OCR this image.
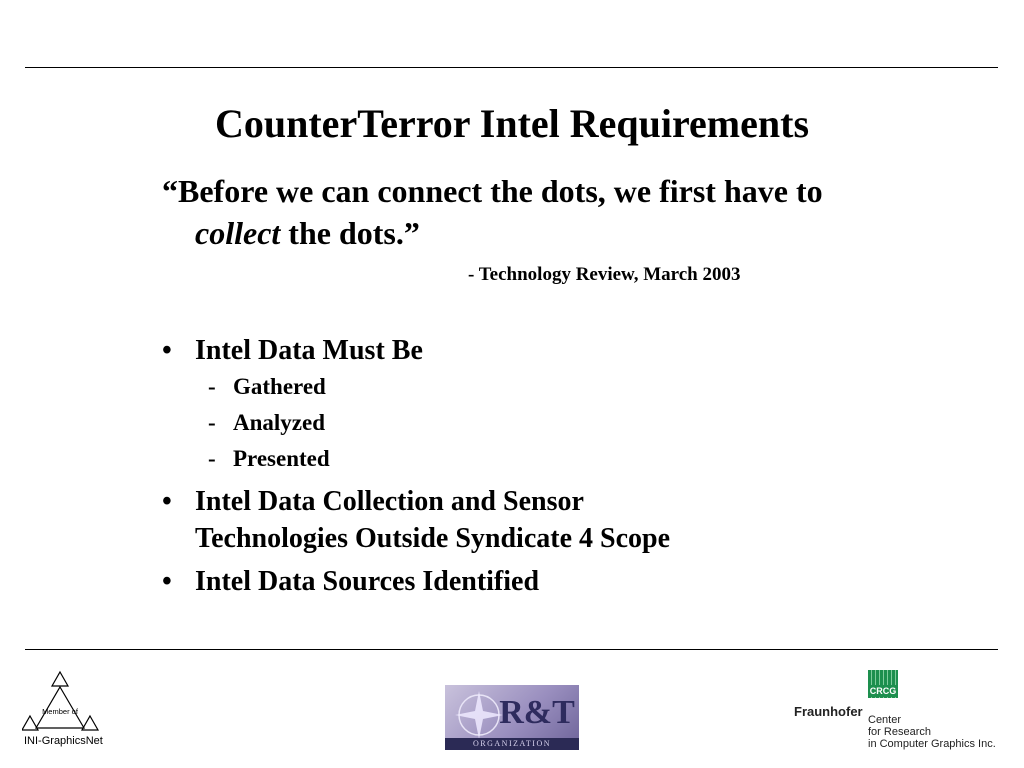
CounterTerror Intel Requirements
“Before we can connect the dots, we first have to collect the dots.”
- Technology Review, March 2003
• Intel Data Must Be
- Gathered
- Analyzed
- Presented
• Intel Data Collection and Sensor
Technologies Outside Syndicate 4 Scope
• Intel Data Sources Identified
Member of
INI-GraphicsNet
R&T
ORGANIZATION
CRCG
Fraunhofer
Center
for Research
in Computer Graphics Inc.
